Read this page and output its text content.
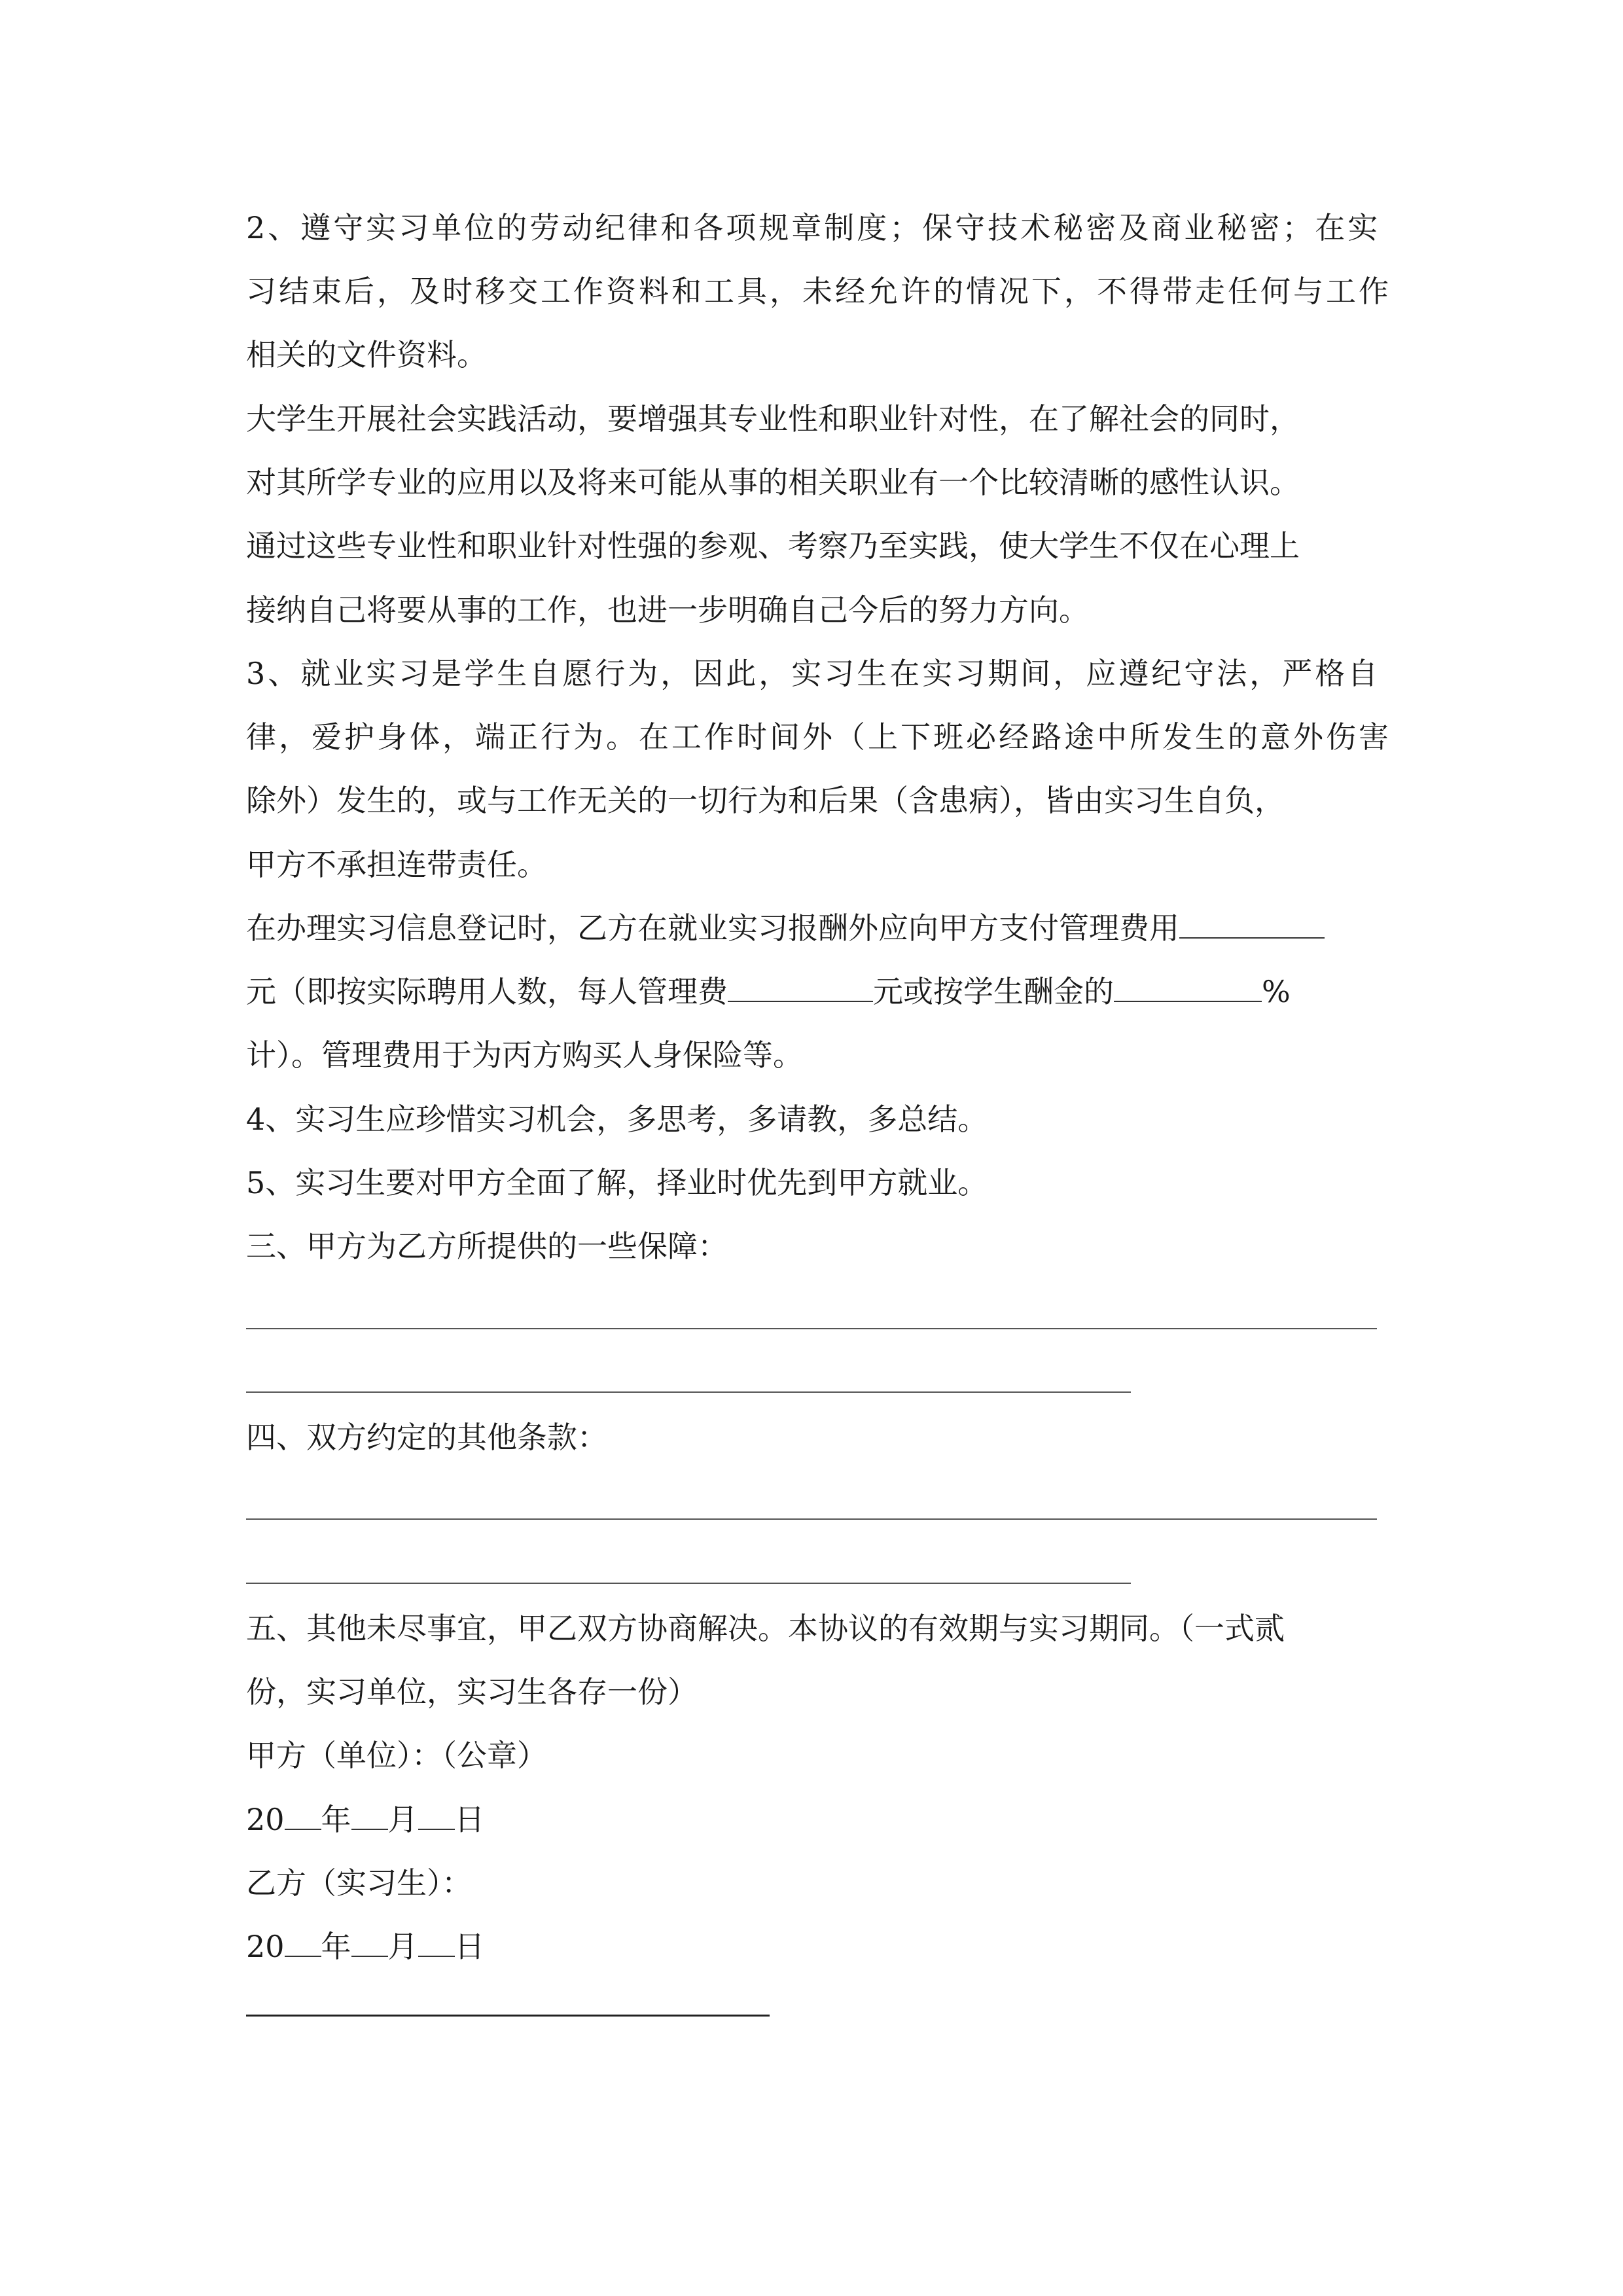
2、遵守实习单位的劳动纪律和各项规章制度；保守技术秘密及商业秘密；在实
习结束后，及时移交工作资料和工具，未经允许的情况下，不得带走任何与工作
相关的文件资料。
大学生开展社会实践活动，要增强其专业性和职业针对性，在了解社会的同时，
对其所学专业的应用以及将来可能从事的相关职业有一个比较清晰的感性认识。
通过这些专业性和职业针对性强的参观、考察乃至实践，使大学生不仅在心理上
接纳自己将要从事的工作，也进一步明确自己今后的努力方向。
3、就业实习是学生自愿行为，因此，实习生在实习期间，应遵纪守法，严格自
律，爱护身体，端正行为。在工作时间外（上下班必经路途中所发生的意外伤害
除外）发生的，或与工作无关的一切行为和后果（含患病），皆由实习生自负，
甲方不承担连带责任。
在办理实习信息登记时，乙方在就业实习报酬外应向甲方支付管理费用
元（即按实际聘用人数，每人管理费	元或按学生酬金的	%
计）。管理费用于为丙方购买人身保险等。
4、实习生应珍惜实习机会，多思考，多请教，多总结。
5、实习生要对甲方全面了解，择业时优先到甲方就业。
三、甲方为乙方所提供的一些保障：
四、双方约定的其他条款：
五、其他未尽事宜，甲乙双方协商解决。本协议的有效期与实习期同。（一式贰
份，实习单位，实习生各存一份）
甲方（单位）：（公章）
20 年 月 日
乙方（实习生）：
20 年 月 日
